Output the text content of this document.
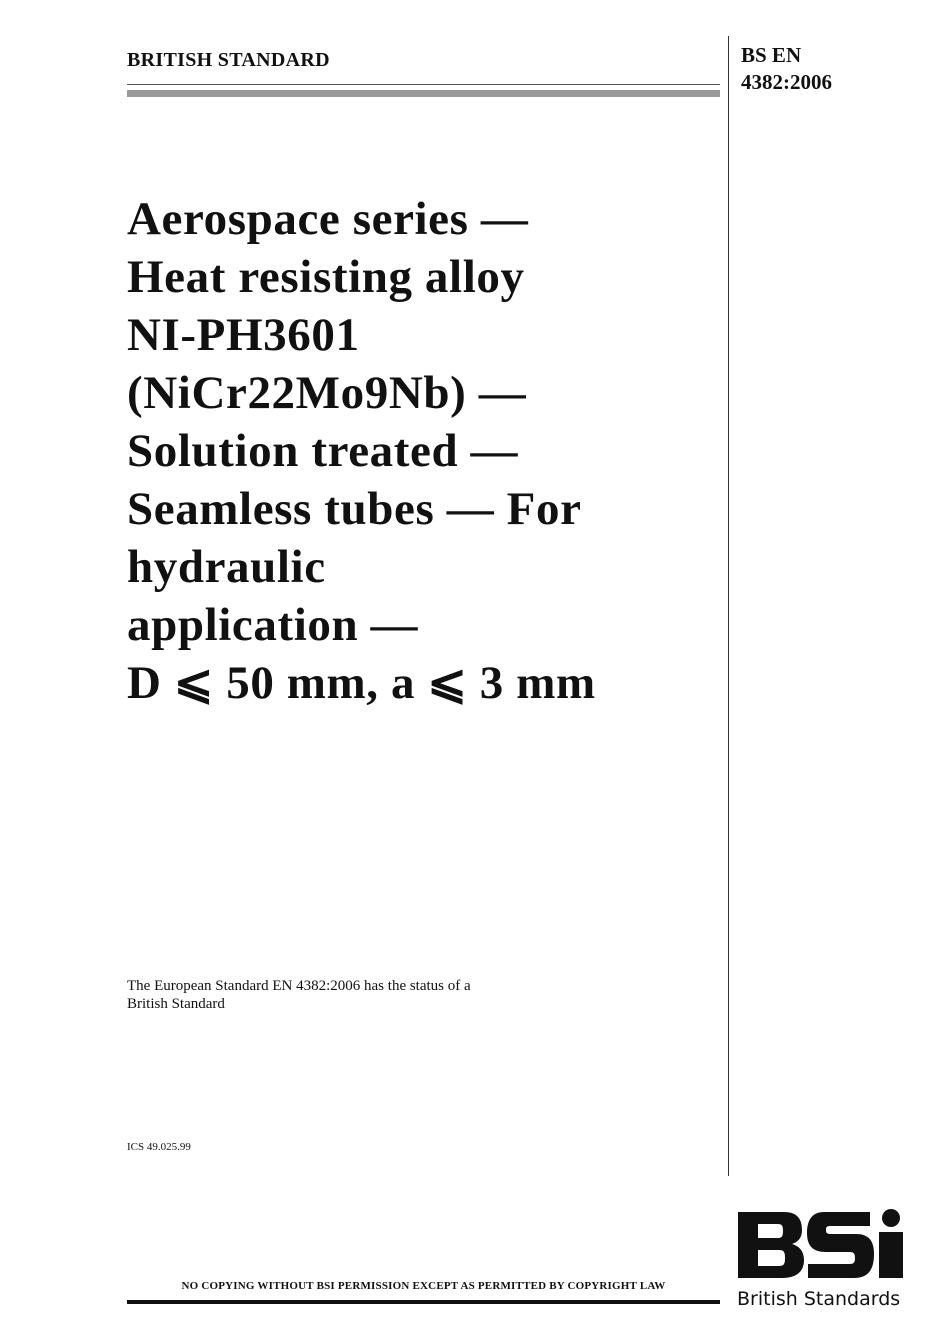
BRITISH STANDARD	BS EN
4382:2006
Aerospace series —
Heat resisting alloy
NI-PH3601
(NiCr22Mo9Nb) —
Solution treated —
Seamless tubes — For
hydraulic
application —
D ⩽ 50 mm, a ⩽ 3 mm
The European Standard EN 4382:2006 has the status of a
British Standard
ICS 49.025.99
NO COPYING WITHOUT BSI PERMISSION EXCEPT AS PERMITTED BY COPYRIGHT LAW
British Standards
